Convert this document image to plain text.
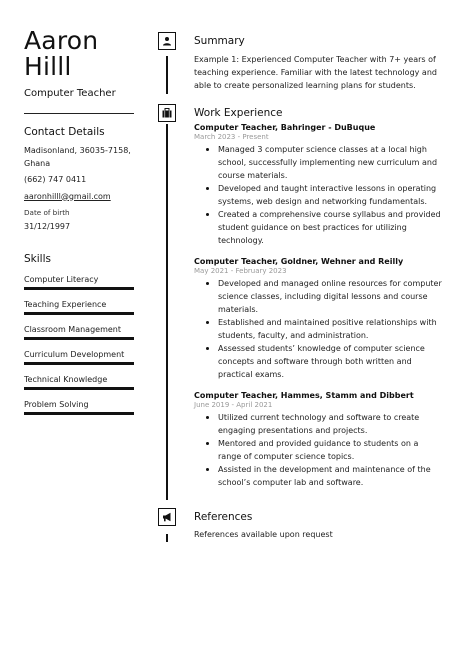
Aaron
Hilll
Computer Teacher
Contact Details
Madisonland, 36035-7158, Ghana
(662) 747 0411
aaronhilll@gmail.com
Date of birth
31/12/1997
Skills
Computer Literacy
Teaching Experience
Classroom Management
Curriculum Development
Technical Knowledge
Problem Solving
Summary
Example 1: Experienced Computer Teacher with 7+ years of teaching experience. Familiar with the latest technology and able to create personalized learning plans for students.
Work Experience
Computer Teacher, Bahringer - DuBuque
March 2023 - Present
Managed 3 computer science classes at a local high school, successfully implementing new curriculum and course materials.
Developed and taught interactive lessons in operating systems, web design and networking fundamentals.
Created a comprehensive course syllabus and provided student guidance on best practices for utilizing technology.
Computer Teacher, Goldner, Wehner and Reilly
May 2021 - February 2023
Developed and managed online resources for computer science classes, including digital lessons and course materials.
Established and maintained positive relationships with students, faculty, and administration.
Assessed students’ knowledge of computer science concepts and software through both written and practical exams.
Computer Teacher, Hammes, Stamm and Dibbert
June 2019 - April 2021
Utilized current technology and software to create engaging presentations and projects.
Mentored and provided guidance to students on a range of computer science topics.
Assisted in the development and maintenance of the school’s computer lab and software.
References
References available upon request
